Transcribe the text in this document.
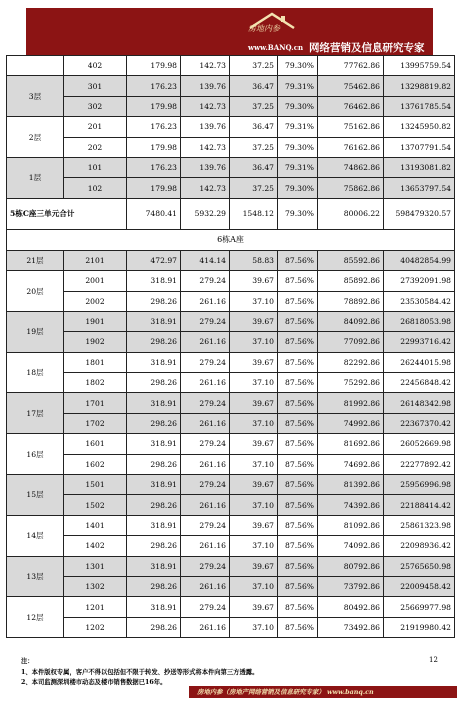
房地内参
www.BANQ.cn 网络营销及信息研究专家
	402	179.98	142.73	37.25	79.30%	77762.86	13995759.54
3层	301	176.23	139.76	36.47	79.31%	75462.86	13298819.82
	302	179.98	142.73	37.25	79.30%	76462.86	13761785.54
2层	201	176.23	139.76	36.47	79.31%	75162.86	13245950.82
	202	179.98	142.73	37.25	79.30%	76162.86	13707791.54
1层	101	176.23	139.76	36.47	79.31%	74862.86	13193081.82
	102	179.98	142.73	37.25	79.30%	75862.86	13653797.54
5栋C座三单元合计		7480.41	5932.29	1548.12	79.30%	80006.22	598479320.57
6栋A座							
21层	2101	472.97	414.14	58.83	87.56%	85592.86	40482854.99
20层	2001	318.91	279.24	39.67	87.56%	85892.86	27392091.98
	2002	298.26	261.16	37.10	87.56%	78892.86	23530584.42
19层	1901	318.91	279.24	39.67	87.56%	84092.86	26818053.98
	1902	298.26	261.16	37.10	87.56%	77092.86	22993716.42
18层	1801	318.91	279.24	39.67	87.56%	82292.86	26244015.98
	1802	298.26	261.16	37.10	87.56%	75292.86	22456848.42
17层	1701	318.91	279.24	39.67	87.56%	81992.86	26148342.98
	1702	298.26	261.16	37.10	87.56%	74992.86	22367370.42
16层	1601	318.91	279.24	39.67	87.56%	81692.86	26052669.98
	1602	298.26	261.16	37.10	87.56%	74692.86	22277892.42
15层	1501	318.91	279.24	39.67	87.56%	81392.86	25956996.98
	1502	298.26	261.16	37.10	87.56%	74392.86	22188414.42
14层	1401	318.91	279.24	39.67	87.56%	81092.86	25861323.98
	1402	298.26	261.16	37.10	87.56%	74092.86	22098936.42
13层	1301	318.91	279.24	39.67	87.56%	80792.86	25765650.98
	1302	298.26	261.16	37.10	87.56%	73792.86	22009458.42
12层	1201	318.91	279.24	39.67	87.56%	80492.86	25669977.98
	1202	298.26	261.16	37.10	87.56%	73492.86	21919980.42
注：
1、本件版权专属，客户不得以包括但不限于转发、抄送等形式将本件向第三方透露。
2、本司监测深圳楼市动态及楼市销售数据已16年。
12
房地内参（房地产网络营销及信息研究专家） www.banq.cn
